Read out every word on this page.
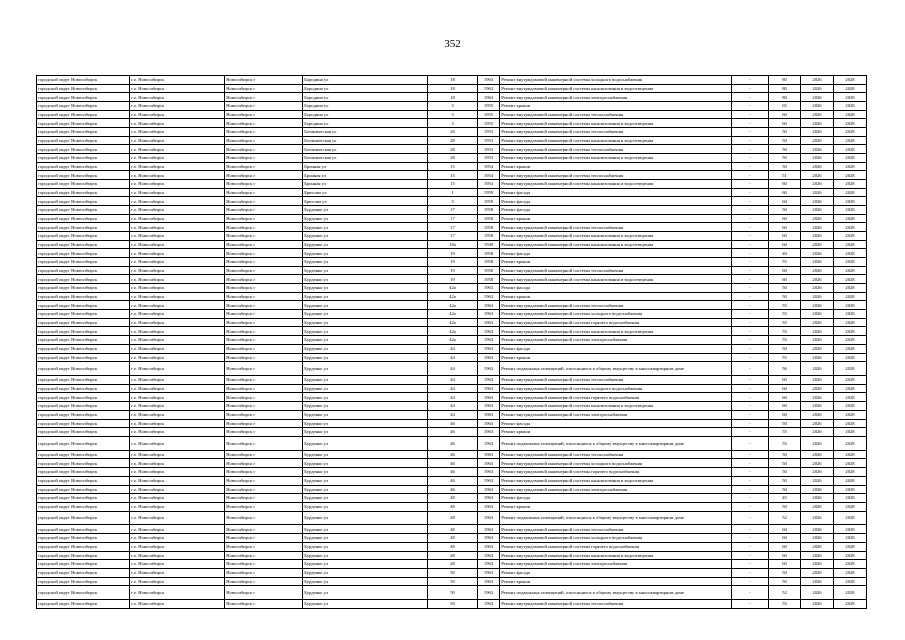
352
городской округ Новосибирск	г.о. Новосибирск	Новосибирск г	Бородина ул	18	1963	Ремонт внутридомовой инженерной системы холодного водоснабжения	-	80	2026	2028
городской округ Новосибирск	г.о. Новосибирск	Новосибирск г	Бородина ул	18	1963	Ремонт внутридомовой инженерной системы канализования и водоотведения	-	80	2026	2028
городской округ Новосибирск	г.о. Новосибирск	Новосибирск г	Бородина ул	18	1963	Ремонт внутридомовой инженерной системы электроснабжения	-	80	2026	2028
городской округ Новосибирск	г.о. Новосибирск	Новосибирск г	Бородина ул	3	1955	Ремонт крыши	-	65	2026	2028
городской округ Новосибирск	г.о. Новосибирск	Новосибирск г	Бородина ул	3	1955	Ремонт внутридомовой инженерной системы теплоснабжения	-	60	2026	2028
городской округ Новосибирск	г.о. Новосибирск	Новосибирск г	Бородина ул	3	1955	Ремонт внутридомовой инженерной системы канализования и водоотведения	-	60	2026	2028
городской округ Новосибирск	г.о. Новосибирск	Новосибирск г	Ботаническая ул	26	1953	Ремонт внутридомовой инженерной системы теплоснабжения	-	50	2026	2028
городской округ Новосибирск	г.о. Новосибирск	Новосибирск г	Ботаническая ул	28	1953	Ремонт внутридомовой инженерной системы канализования и водоотведения	-	50	2026	2028
городской округ Новосибирск	г.о. Новосибирск	Новосибирск г	Ботаническая ул	28	1953	Ремонт внутридомовой инженерной системы теплоснабжения	-	50	2026	2028
городской округ Новосибирск	г.о. Новосибирск	Новосибирск г	Ботаническая ул	28	1953	Ремонт внутридомовой инженерной системы канализования и водоотведения	-	50	2026	2028
городской округ Новосибирск	г.о. Новосибирск	Новосибирск г	Бронная ул	15	1954	Ремонт крыши	-	50	2026	2028
городской округ Новосибирск	г.о. Новосибирск	Новосибирск г	Бронная ул	15	1954	Ремонт внутридомовой инженерной системы теплоснабжения	-	51	2026	2028
городской округ Новосибирск	г.о. Новосибирск	Новосибирск г	Бронная ул	15	1954	Ремонт внутридомовой инженерной системы канализования и водоотведения	-	60	2026	2028
городской округ Новосибирск	г.о. Новосибирск	Новосибирск г	Брюсова ул	1	1959	Ремонт фасада	-	60	2026	2028
городской округ Новосибирск	г.о. Новосибирск	Новосибирск г	Брюсова ул	3	1959	Ремонт фасада	-	60	2026	2028
городской округ Новосибирск	г.о. Новосибирск	Новосибирск г	Бурденко ул	17	1958	Ремонт фасада	-	50	2026	2028
городской округ Новосибирск	г.о. Новосибирск	Новосибирск г	Бурденко ул	17	1958	Ремонт крыши	-	60	2026	2028
городской округ Новосибирск	г.о. Новосибирск	Новосибирск г	Бурденко ул	17	1958	Ремонт внутридомовой инженерной системы теплоснабжения	-	60	2026	2028
городской округ Новосибирск	г.о. Новосибирск	Новосибирск г	Бурденко ул	17	1958	Ремонт внутридомовой инженерной системы канализования и водоотведения	-	60	2026	2028
городской округ Новосибирск	г.о. Новосибирск	Новосибирск г	Бурденко ул	18а	1949	Ремонт внутридомовой инженерной системы канализования и водоотведения	-	60	2026	2028
городской округ Новосибирск	г.о. Новосибирск	Новосибирск г	Бурденко ул	19	1958	Ремонт фасада	-	40	2026	2028
городской округ Новосибирск	г.о. Новосибирск	Новосибирск г	Бурденко ул	19	1958	Ремонт крыши	-	55	2026	2028
городской округ Новосибирск	г.о. Новосибирск	Новосибирск г	Бурденко ул	19	1958	Ремонт внутридомовой инженерной системы теплоснабжения	-	60	2026	2028
городской округ Новосибирск	г.о. Новосибирск	Новосибирск г	Бурденко ул	19	1958	Ремонт внутридомовой инженерной системы канализования и водоотведения	-	60	2026	2028
городской округ Новосибирск	г.о. Новосибирск	Новосибирск г	Бурденко ул	42а	1963	Ремонт фасада	-	50	2026	2028
городской округ Новосибирск	г.о. Новосибирск	Новосибирск г	Бурденко ул	42а	1963	Ремонт крыши	-	50	2026	2028
городской округ Новосибирск	г.о. Новосибирск	Новосибирск г	Бурденко ул	42а	1963	Ремонт внутридомовой инженерной системы теплоснабжения	-	55	2026	2028
городской округ Новосибирск	г.о. Новосибирск	Новосибирск г	Бурденко ул	42а	1963	Ремонт внутридомовой инженерной системы холодного водоснабжения	-	55	2026	2028
городской округ Новосибирск	г.о. Новосибирск	Новосибирск г	Бурденко ул	42а	1963	Ремонт внутридомовой инженерной системы горячего водоснабжения	-	55	2026	2028
городской округ Новосибирск	г.о. Новосибирск	Новосибирск г	Бурденко ул	42а	1963	Ремонт внутридомовой инженерной системы канализования и водоотведения	-	55	2026	2028
городской округ Новосибирск	г.о. Новосибирск	Новосибирск г	Бурденко ул	42а	1963	Ремонт внутридомовой инженерной системы электроснабжения	-	55	2026	2028
городской округ Новосибирск	г.о. Новосибирск	Новосибирск г	Бурденко ул	44	1963	Ремонт фасада	-	50	2026	2028
городской округ Новосибирск	г.о. Новосибирск	Новосибирск г	Бурденко ул	44	1963	Ремонт крыши	-	55	2026	2028
городской округ Новосибирск	г.о. Новосибирск	Новосибирск г	Бурденко ул	44	1963	Ремонт подвальных помещений, относящихся к общему имуществу в многоквартирном доме	-	56	2026	2028
городской округ Новосибирск	г.о. Новосибирск	Новосибирск г	Бурденко ул	44	1963	Ремонт внутридомовой инженерной системы теплоснабжения	-	60	2026	2028
городской округ Новосибирск	г.о. Новосибирск	Новосибирск г	Бурденко ул	44	1963	Ремонт внутридомовой инженерной системы холодного водоснабжения	-	60	2026	2028
городской округ Новосибирск	г.о. Новосибирск	Новосибирск г	Бурденко ул	44	1963	Ремонт внутридомовой инженерной системы горячего водоснабжения	-	60	2026	2028
городской округ Новосибирск	г.о. Новосибирск	Новосибирск г	Бурденко ул	44	1963	Ремонт внутридомовой инженерной системы канализования и водоотведения	-	60	2026	2028
городской округ Новосибирск	г.о. Новосибирск	Новосибирск г	Бурденко ул	44	1963	Ремонт внутридомовой инженерной системы электроснабжения	-	60	2026	2028
городской округ Новосибирск	г.о. Новосибирск	Новосибирск г	Бурденко ул	46	1963	Ремонт фасада	-	50	2026	2028
городской округ Новосибирск	г.о. Новосибирск	Новосибирск г	Бурденко ул	46	1963	Ремонт крыши	-	55	2026	2028
городской округ Новосибирск	г.о. Новосибирск	Новосибирск г	Бурденко ул	46	1963	Ремонт подвальных помещений, относящихся к общему имуществу в многоквартирном доме	-	55	2026	2028
городской округ Новосибирск	г.о. Новосибирск	Новосибирск г	Бурденко ул	46	1963	Ремонт внутридомовой инженерной системы теплоснабжения	-	50	2026	2028
городской округ Новосибирск	г.о. Новосибирск	Новосибирск г	Бурденко ул	46	1963	Ремонт внутридомовой инженерной системы холодного водоснабжения	-	50	2026	2028
городской округ Новосибирск	г.о. Новосибирск	Новосибирск г	Бурденко ул	46	1963	Ремонт внутридомовой инженерной системы горячего водоснабжения	-	50	2026	2028
городской округ Новосибирск	г.о. Новосибирск	Новосибирск г	Бурденко ул	46	1963	Ремонт внутридомовой инженерной системы канализования и водоотведения	-	50	2026	2028
городской округ Новосибирск	г.о. Новосибирск	Новосибирск г	Бурденко ул	46	1963	Ремонт внутридомовой инженерной системы электроснабжения	-	50	2026	2028
городской округ Новосибирск	г.о. Новосибирск	Новосибирск г	Бурденко ул	48	1963	Ремонт фасада	-	45	2026	2028
городской округ Новосибирск	г.о. Новосибирск	Новосибирск г	Бурденко ул	48	1963	Ремонт крыши	-	50	2026	2028
городской округ Новосибирск	г.о. Новосибирск	Новосибирск г	Бурденко ул	48	1963	Ремонт подвальных помещений, относящихся к общему имуществу в многоквартирном доме	-	52	2026	2028
городской округ Новосибирск	г.о. Новосибирск	Новосибирск г	Бурденко ул	48	1963	Ремонт внутридомовой инженерной системы теплоснабжения	-	60	2026	2028
городской округ Новосибирск	г.о. Новосибирск	Новосибирск г	Бурденко ул	48	1963	Ремонт внутридомовой инженерной системы холодного водоснабжения	-	60	2026	2028
городской округ Новосибирск	г.о. Новосибирск	Новосибирск г	Бурденко ул	48	1963	Ремонт внутридомовой инженерной системы горячего водоснабжения	-	60	2026	2028
городской округ Новосибирск	г.о. Новосибирск	Новосибирск г	Бурденко ул	48	1963	Ремонт внутридомовой инженерной системы канализования и водоотведения	-	60	2026	2028
городской округ Новосибирск	г.о. Новосибирск	Новосибирск г	Бурденко ул	48	1963	Ремонт внутридомовой инженерной системы электроснабжения	-	60	2026	2028
городской округ Новосибирск	г.о. Новосибирск	Новосибирск г	Бурденко ул	50	1963	Ремонт фасада	-	50	2026	2028
городской округ Новосибирск	г.о. Новосибирск	Новосибирск г	Бурденко ул	50	1963	Ремонт крыши	-	50	2026	2028
городской округ Новосибирск	г.о. Новосибирск	Новосибирск г	Бурденко ул	50	1963	Ремонт подвальных помещений, относящихся к общему имуществу в многоквартирном доме	-	52	2026	2028
городской округ Новосибирск	г.о. Новосибирск	Новосибирск г	Бурденко ул	50	1963	Ремонт внутридомовой инженерной системы теплоснабжения	-	55	2026	2028
